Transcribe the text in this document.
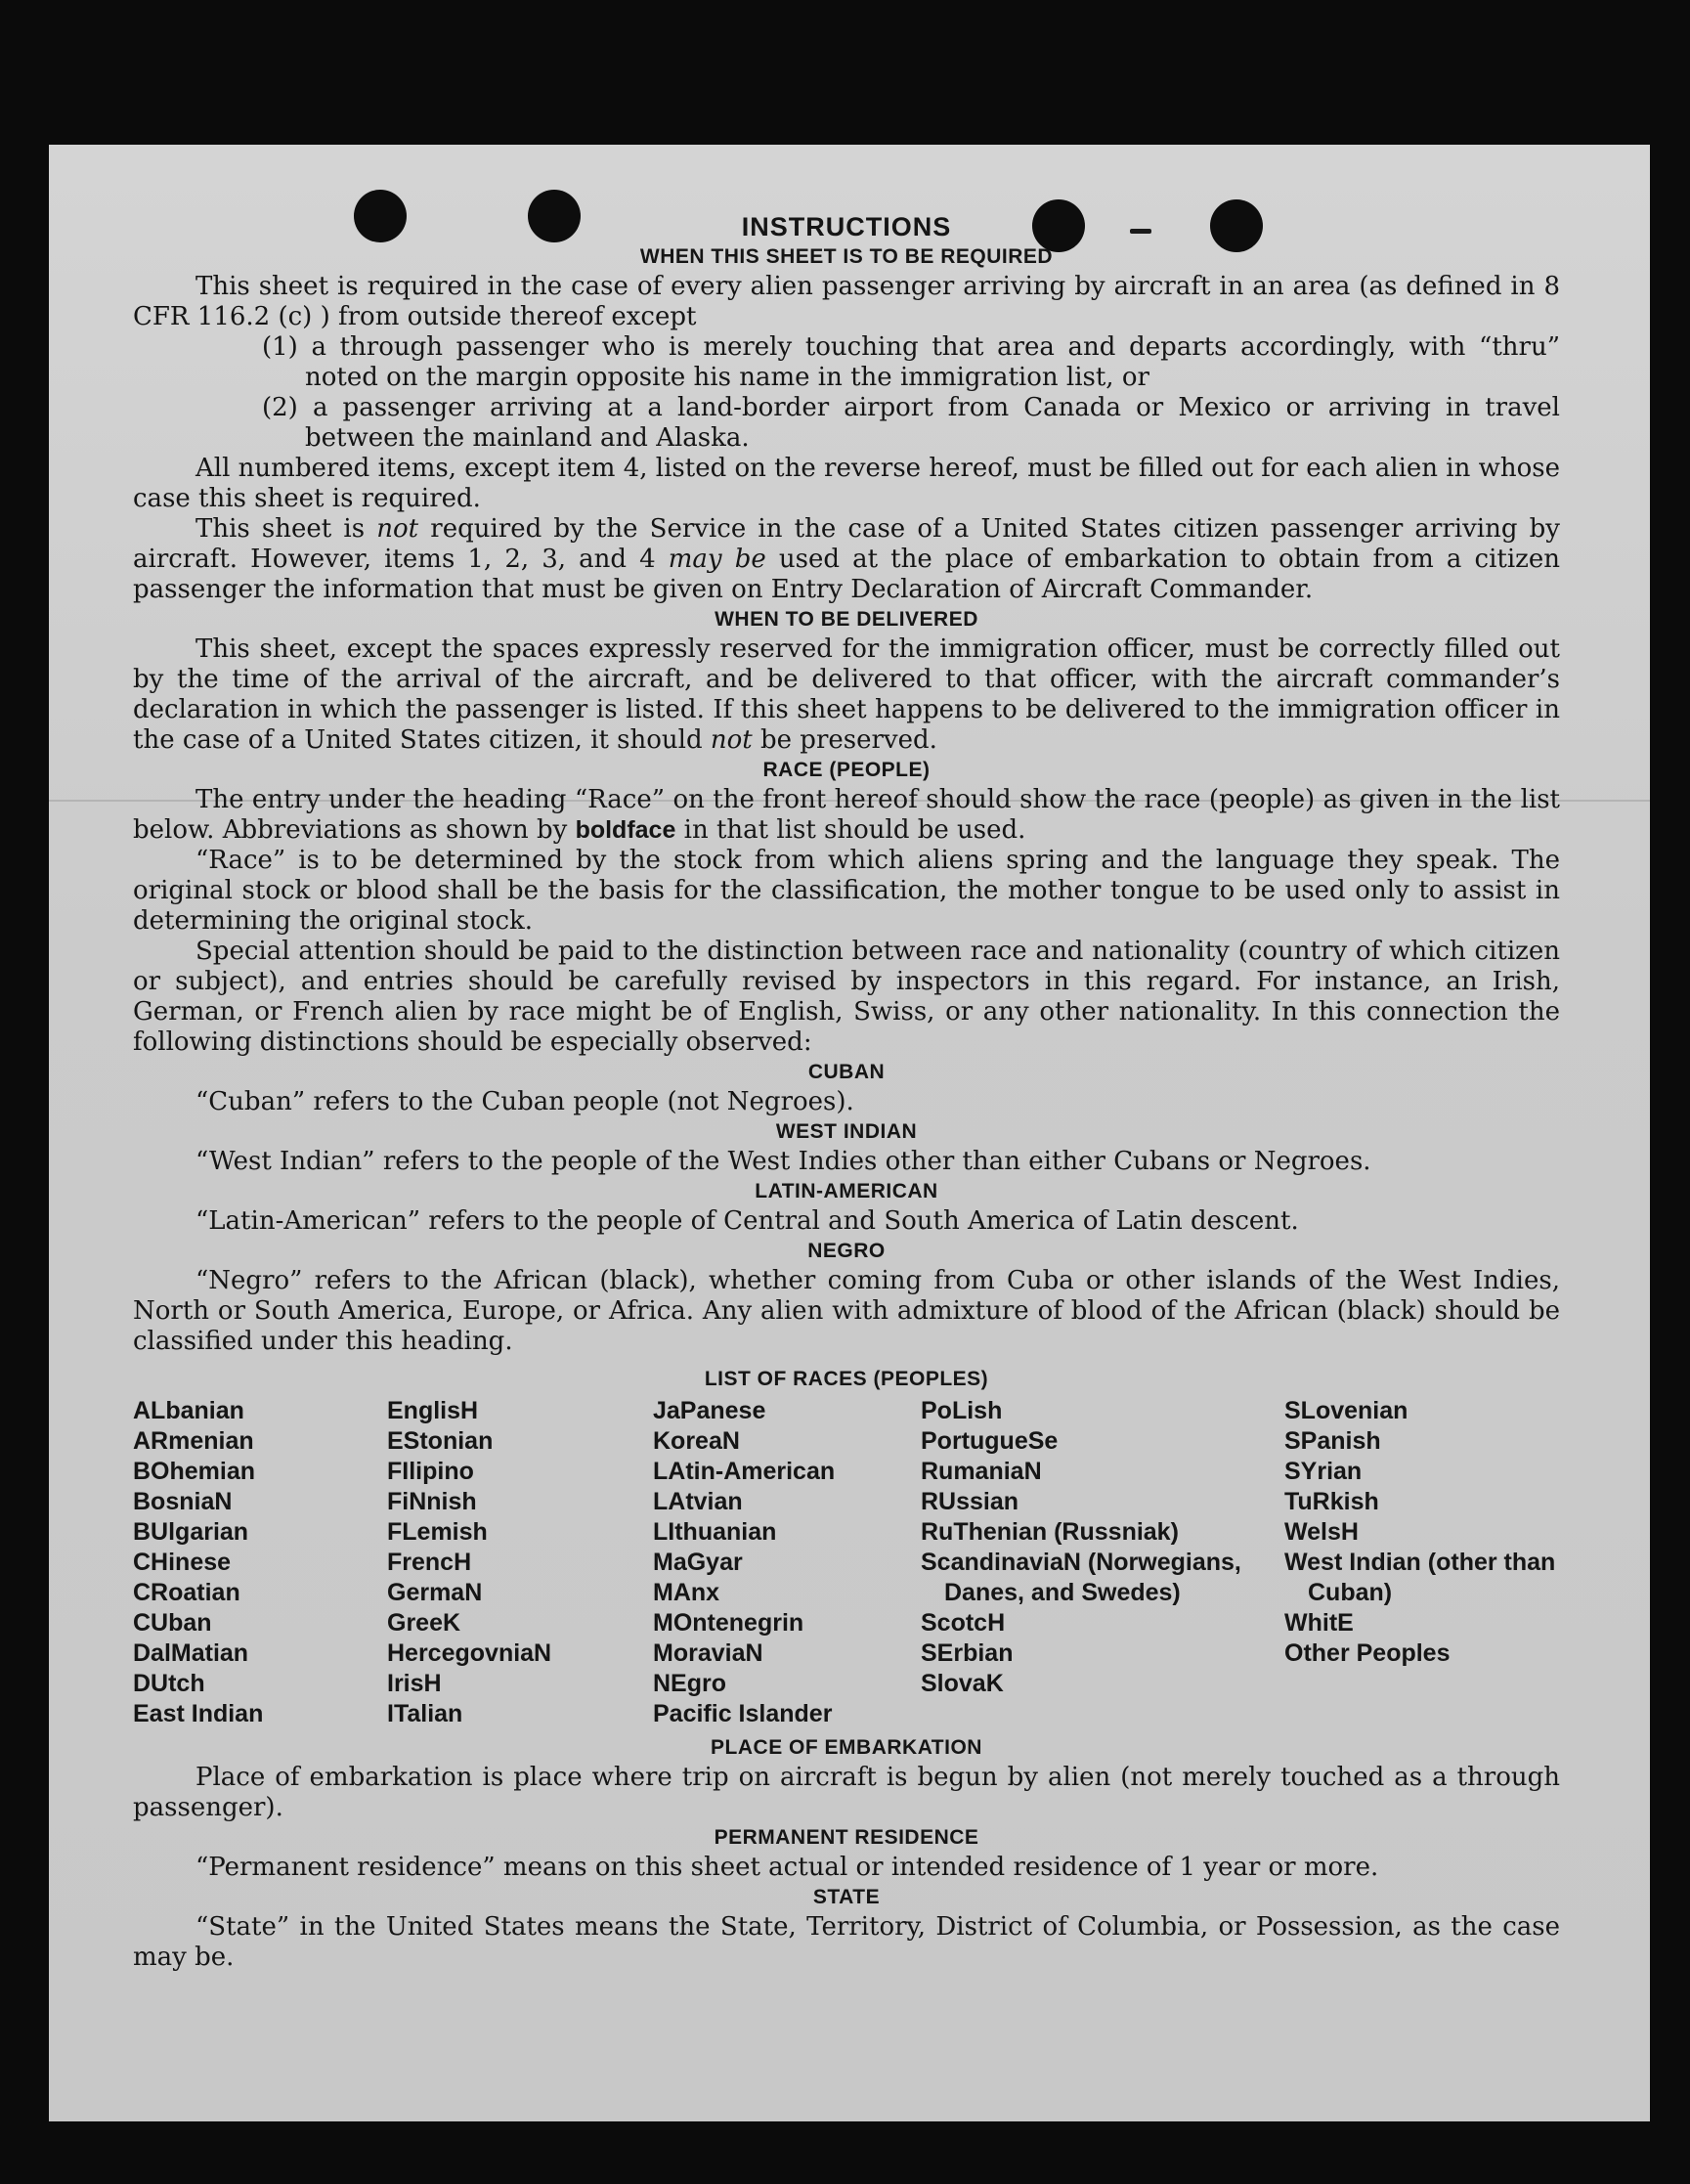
INSTRUCTIONS
WHEN THIS SHEET IS TO BE REQUIRED

This sheet is required in the case of every alien passenger arriving by aircraft in an area (as defined in 8 CFR 116.2 (c) ) from outside thereof except

(1) a through passenger who is merely touching that area and departs accordingly, with “thru” noted on the margin opposite his name in the immigration list, or
(2) a passenger arriving at a land-border airport from Canada or Mexico or arriving in travel between the mainland and Alaska.

All numbered items, except item 4, listed on the reverse hereof, must be filled out for each alien in whose case this sheet is required.

This sheet is not required by the Service in the case of a United States citizen passenger arriving by aircraft. However, items 1, 2, 3, and 4 may be used at the place of embarkation to obtain from a citizen passenger the information that must be given on Entry Declaration of Aircraft Commander.

WHEN TO BE DELIVERED

This sheet, except the spaces expressly reserved for the immigration officer, must be correctly filled out by the time of the arrival of the aircraft, and be delivered to that officer, with the aircraft commander’s declaration in which the passenger is listed. If this sheet happens to be delivered to the immigration officer in the case of a United States citizen, it should not be preserved.

RACE (PEOPLE)

The entry under the heading “Race” on the front hereof should show the race (people) as given in the list below. Abbreviations as shown by boldface in that list should be used.

“Race” is to be determined by the stock from which aliens spring and the language they speak. The original stock or blood shall be the basis for the classification, the mother tongue to be used only to assist in determining the original stock.

Special attention should be paid to the distinction between race and nationality (country of which citizen or subject), and entries should be carefully revised by inspectors in this regard. For instance, an Irish, German, or French alien by race might be of English, Swiss, or any other nationality. In this connection the following distinctions should be especially observed:

CUBAN

“Cuban” refers to the Cuban people (not Negroes).

WEST INDIAN

“West Indian” refers to the people of the West Indies other than either Cubans or Negroes.

LATIN-AMERICAN

“Latin-American” refers to the people of Central and South America of Latin descent.

NEGRO

“Negro” refers to the African (black), whether coming from Cuba or other islands of the West Indies, North or South America, Europe, or Africa. Any alien with admixture of blood of the African (black) should be classified under this heading.

LIST OF RACES (PEOPLES)
ALbanian
ARmenian
BOhemian
BosniaN
BUlgarian
CHinese
CRoatian
CUban
DalMatian
DUtch
East Indian
EnglisH
EStonian
FIlipino
FiNnish
FLemish
FrencH
GermaN
GreeK
HercegovniaN
IrisH
ITalian
JaPanese
KoreaN
LAtin-American
LAtvian
LIthuanian
MaGyar
MAnx
MOntenegrin
MoraviaN
NEgro
Pacific Islander
PoLish
PortugueSe
RumaniaN
RUssian
RuThenian (Russniak)
ScandinaviaN (Norwegians, Danes, and Swedes)
ScotcH
SErbian
SlovaK
SLovenian
SPanish
SYrian
TuRkish
WelsH
West Indian (other than Cuban)
WhitE
Other Peoples
PLACE OF EMBARKATION

Place of embarkation is place where trip on aircraft is begun by alien (not merely touched as a through passenger).

PERMANENT RESIDENCE

“Permanent residence” means on this sheet actual or intended residence of 1 year or more.

STATE

“State” in the United States means the State, Territory, District of Columbia, or Possession, as the case may be.
